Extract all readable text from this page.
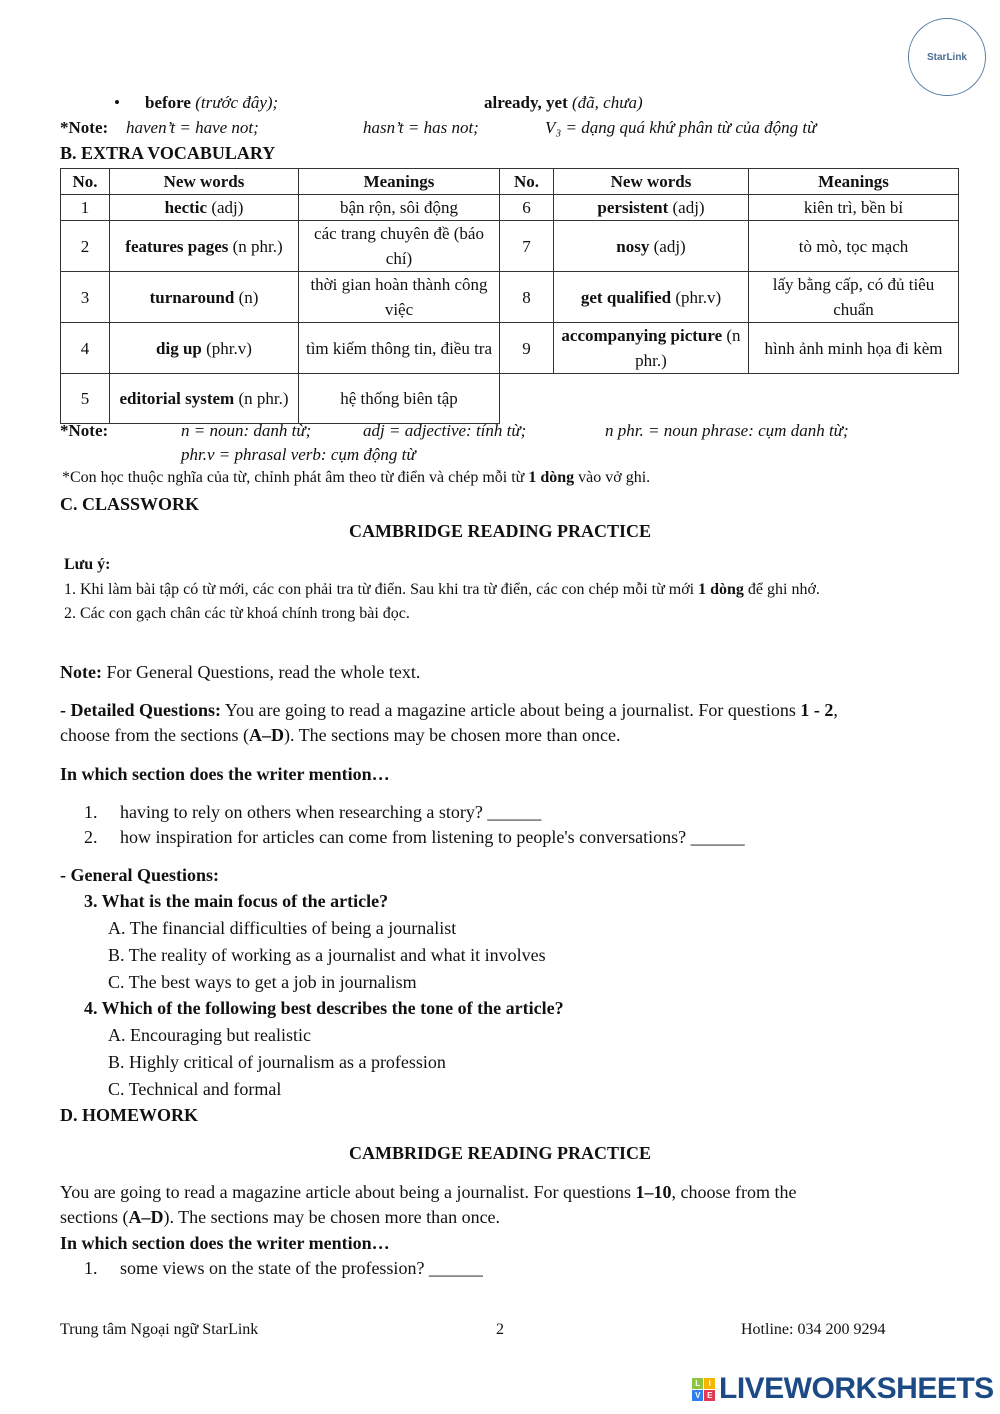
StarLink
• before (trước đây);	already, yet (đã, chưa)
*Note: haven’t = have not;	hasn’t = has not;	V₃ = dạng quá khứ phân từ của động từ
B. EXTRA VOCABULARY
No.	New words	Meanings	No.	New words	Meanings
1	hectic (adj)	bận rộn, sôi động	6	persistent (adj)	kiên trì, bền bỉ
2	features pages (n phr.)	các trang chuyên đề (báo chí)	7	nosy (adj)	tò mò, tọc mạch
3	turnaround (n)	thời gian hoàn thành công việc	8	get qualified (phr.v)	lấy bằng cấp, có đủ tiêu chuẩn
4	dig up (phr.v)	tìm kiếm thông tin, điều tra	9	accompanying picture (n phr.)	hình ảnh minh họa đi kèm
5	editorial system (n phr.)	hệ thống biên tập			
*Note:	n = noun: danh từ;	adj = adjective: tính từ;	n phr. = noun phrase: cụm danh từ;
phr.v = phrasal verb: cụm động từ
*Con học thuộc nghĩa của từ, chỉnh phát âm theo từ điển và chép mỗi từ 1 dòng vào vở ghi.
C. CLASSWORK
CAMBRIDGE READING PRACTICE
Lưu ý:
1. Khi làm bài tập có từ mới, các con phải tra từ điển. Sau khi tra từ điển, các con chép mỗi từ mới 1 dòng để ghi nhớ.
2. Các con gạch chân các từ khoá chính trong bài đọc.
Note: For General Questions, read the whole text.
- Detailed Questions: You are going to read a magazine article about being a journalist. For questions 1 - 2,
choose from the sections (A–D). The sections may be chosen more than once.
In which section does the writer mention…
1. having to rely on others when researching a story? ______
2. how inspiration for articles can come from listening to people's conversations? ______
- General Questions:
3. What is the main focus of the article?
A. The financial difficulties of being a journalist
B. The reality of working as a journalist and what it involves
C. The best ways to get a job in journalism
4. Which of the following best describes the tone of the article?
A. Encouraging but realistic
B. Highly critical of journalism as a profession
C. Technical and formal
D. HOMEWORK
CAMBRIDGE READING PRACTICE
You are going to read a magazine article about being a journalist. For questions 1–10, choose from the
sections (A–D). The sections may be chosen more than once.
In which section does the writer mention…
1. some views on the state of the profession? ______
Trung tâm Ngoại ngữ StarLink	2	Hotline: 034 200 9294
L	I
V E LIVEWORKSHEETS
